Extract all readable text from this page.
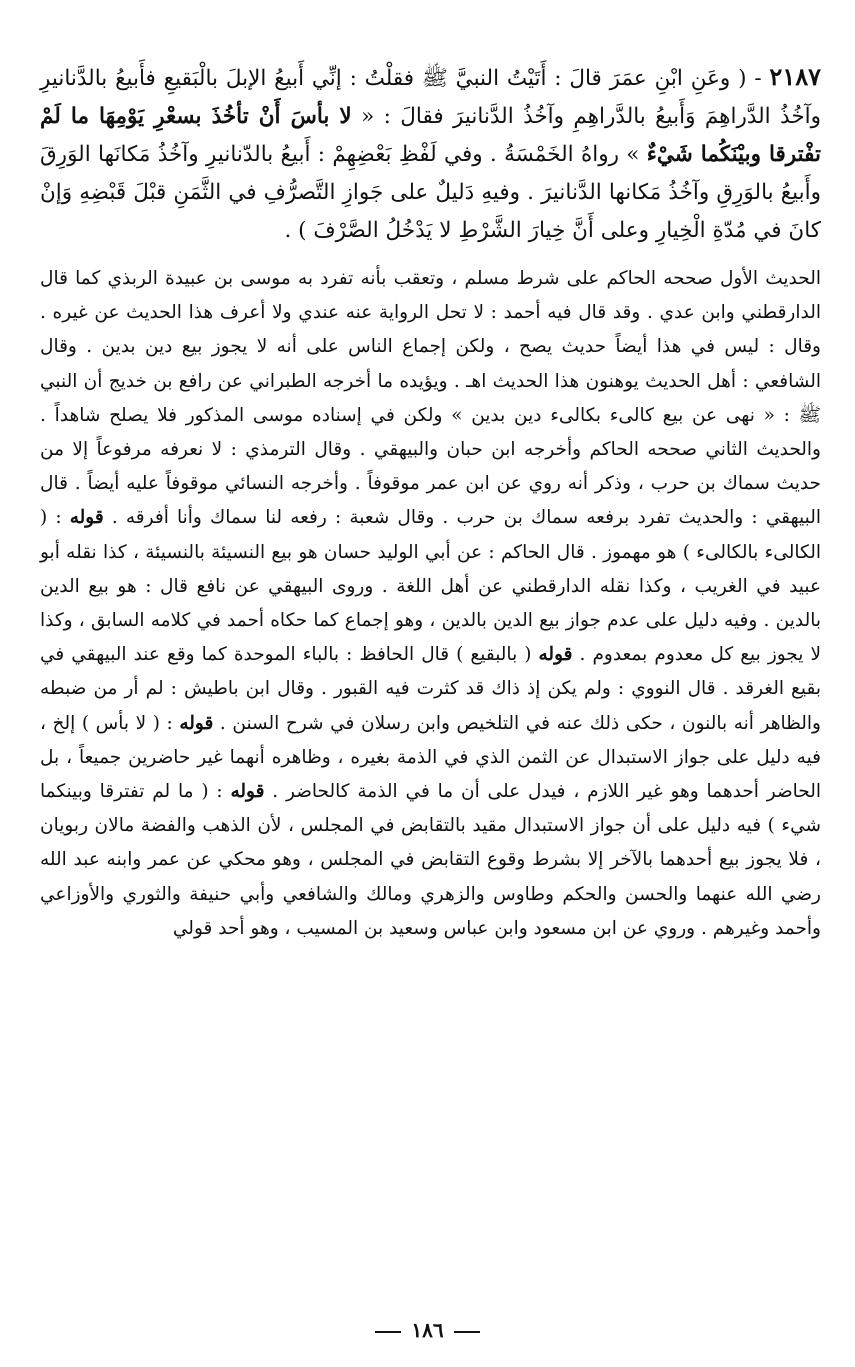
٢١٨٧ - ( وعَنِ ابْنِ عمَرَ قالَ : أَتَيْتُ النبيَّ ﷺ فقلْتُ : إنِّي أَبيعُ الإبلَ بالْبَقيعِ فأَبيعُ بالدَّنانيرِ وآخُذُ الدَّراهِمَ وَأَبيعُ بالدَّراهِمِ وآخُذُ الدَّنانيرَ فقالَ : « لا بأسَ أَنْ تأخُذَ بسعْرِ يَوْمِهَا ما لَمْ تفْترقا وبيْنَكُما شَيْءٌ » رواهُ الخَمْسَةُ . وفي لَفْظِ بَعْضِهِمْ : أَبيعُ بالدّنانيرِ وآخُذُ مَكانَها الوَرِقَ وأَبيعُ بالوَرِقِ وآخُذُ مَكانها الدَّنانيرَ . وفيهِ دَليلٌ على جَوازِ التَّصرُّفِ في الثَّمَنِ قبْلَ قَبْضِهِ وَإنْ كانَ في مُدّةِ الْخِيارِ وعلى أَنَّ خِيارَ الشَّرْطِ لا يَدْخُلُ الصَّرْفَ ) .

الحديث الأول صححه الحاكم على شرط مسلم ، وتعقب بأنه تفرد به موسى بن عبيدة الربذي كما قال الدارقطني وابن عدي . وقد قال فيه أحمد : لا تحل الرواية عنه عندي ولا أعرف هذا الحديث عن غيره . وقال : ليس في هذا أيضاً حديث يصح ، ولكن إجماع الناس على أنه لا يجوز بيع دين بدين . وقال الشافعي : أهل الحديث يوهنون هذا الحديث اهـ . ويؤيده ما أخرجه الطبراني عن رافع بن خديج أن النبي ﷺ : « نهى عن بيع كالىء بكالىء دين بدين » ولكن في إسناده موسى المذكور فلا يصلح شاهداً . والحديث الثاني صححه الحاكم وأخرجه ابن حبان والبيهقي . وقال الترمذي : لا نعرفه مرفوعاً إلا من حديث سماك بن حرب ، وذكر أنه روي عن ابن عمر موقوفاً . وأخرجه النسائي موقوفاً عليه أيضاً . قال البيهقي : والحديث تفرد برفعه سماك بن حرب . وقال شعبة : رفعه لنا سماك وأنا أفرقه . قوله : ( الكالىء بالكالىء ) هو مهموز . قال الحاكم : عن أبي الوليد حسان هو بيع النسيئة بالنسيئة ، كذا نقله أبو عبيد في الغريب ، وكذا نقله الدارقطني عن أهل اللغة . وروى البيهقي عن نافع قال : هو بيع الدين بالدين . وفيه دليل على عدم جواز بيع الدين بالدين ، وهو إجماع كما حكاه أحمد في كلامه السابق ، وكذا لا يجوز بيع كل معدوم بمعدوم . قوله ( بالبقيع ) قال الحافظ : بالباء الموحدة كما وقع عند البيهقي في بقيع الغرقد . قال النووي : ولم يكن إذ ذاك قد كثرت فيه القبور . وقال ابن باطيش : لم أر من ضبطه والظاهر أنه بالنون ، حكى ذلك عنه في التلخيص وابن رسلان في شرح السنن . قوله : ( لا بأس ) إلخ ، فيه دليل على جواز الاستبدال عن الثمن الذي في الذمة بغيره ، وظاهره أنهما غير حاضرين جميعاً ، بل الحاضر أحدهما وهو غير اللازم ، فيدل على أن ما في الذمة كالحاضر . قوله : ( ما لم تفترقا وبينكما شيء ) فيه دليل على أن جواز الاستبدال مقيد بالتقابض في المجلس ، لأن الذهب والفضة مالان ربويان ، فلا يجوز بيع أحدهما بالآخر إلا بشرط وقوع التقابض في المجلس ، وهو محكي عن عمر وابنه عبد الله رضي الله عنهما والحسن والحكم وطاوس والزهري ومالك والشافعي وأبي حنيفة والثوري والأوزاعي وأحمد وغيرهم . وروي عن ابن مسعود وابن عباس وسعيد بن المسيب ، وهو أحد قولي

١٨٦
